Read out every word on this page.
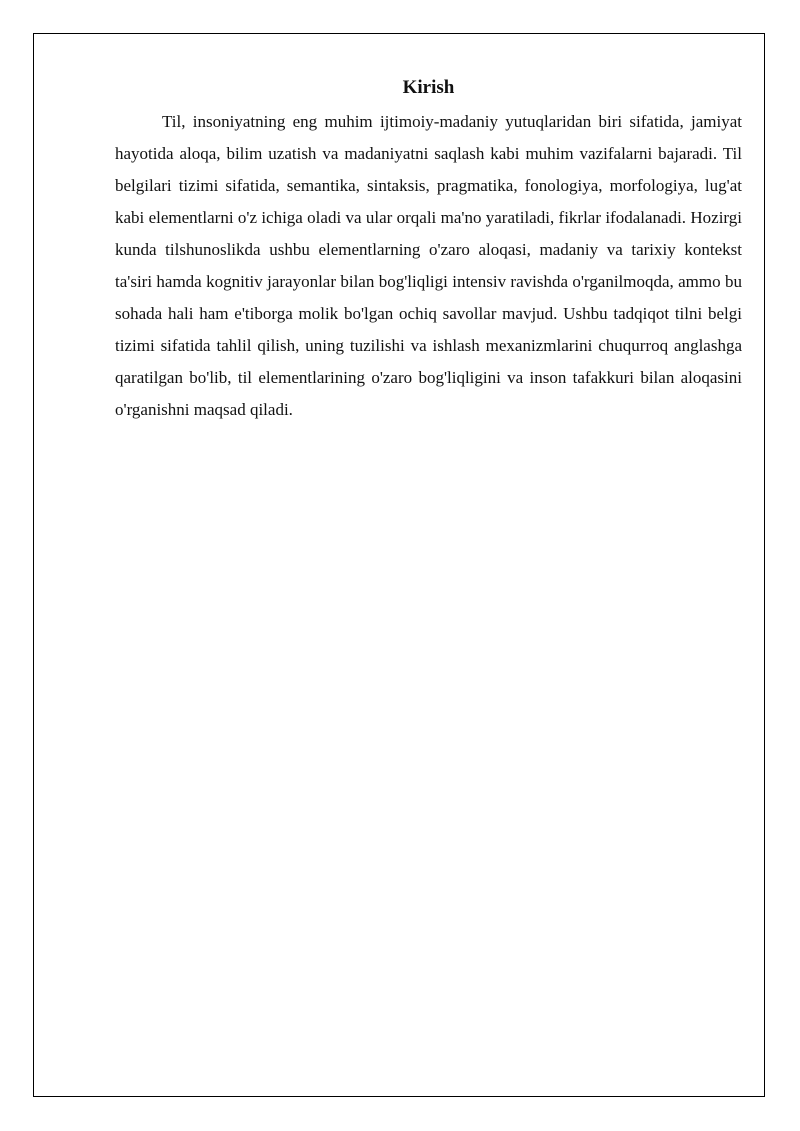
Kirish

Til, insoniyatning eng muhim ijtimoiy-madaniy yutuqlaridan biri sifatida, jamiyat hayotida aloqa, bilim uzatish va madaniyatni saqlash kabi muhim vazifalarni bajaradi. Til belgilari tizimi sifatida, semantika, sintaksis, pragmatika, fonologiya, morfologiya, lug'at kabi elementlarni o'z ichiga oladi va ular orqali ma'no yaratiladi, fikrlar ifodalanadi. Hozirgi kunda tilshunoslikda ushbu elementlarning o'zaro aloqasi, madaniy va tarixiy kontekst ta'siri hamda kognitiv jarayonlar bilan bog'liqligi intensiv ravishda o'rganilmoqda, ammo bu sohada hali ham e'tiborga molik bo'lgan ochiq savollar mavjud. Ushbu tadqiqot tilni belgi tizimi sifatida tahlil qilish, uning tuzilishi va ishlash mexanizmlarini chuqurroq anglashga qaratilgan bo'lib, til elementlarining o'zaro bog'liqligini va inson tafakkuri bilan aloqasini o'rganishni maqsad qiladi.
